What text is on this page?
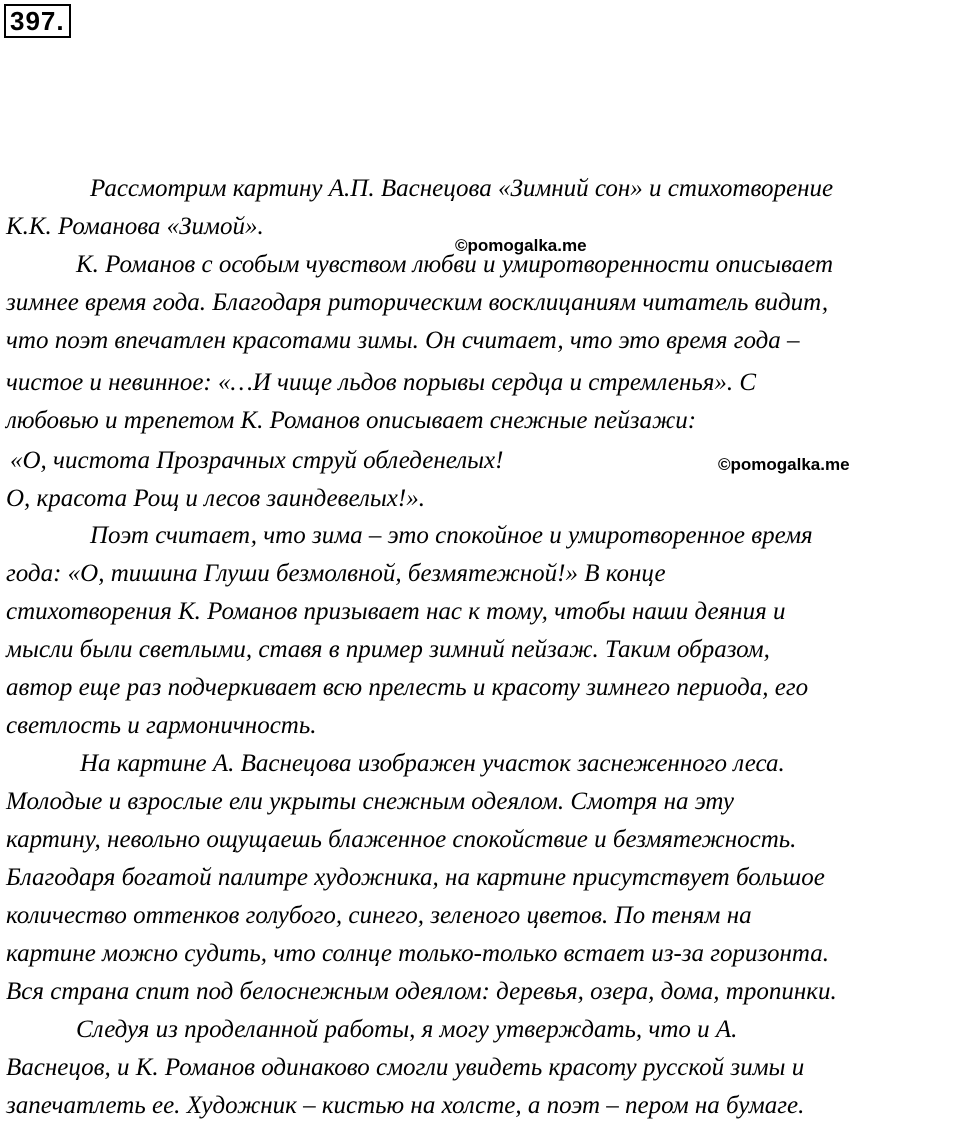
397.
Рассмотрим картину А.П. Васнецова «Зимний сон» и стихотворение
К.К. Романова «Зимой».
©pomogalka.me
К. Романов с особым чувством любви и умиротворенности описывает
зимнее время года. Благодаря риторическим восклицаниям читатель видит,
что поэт впечатлен красотами зимы. Он считает, что это время года –
чистое и невинное: «…И чище льдов порывы сердца и стремленья». С
любовью и трепетом К. Романов описывает снежные пейзажи:
«О, чистота Прозрачных струй обледенелых!	©pomogalka.me
О, красота Рощ и лесов заиндевелых!».
Поэт считает, что зима – это спокойное и умиротворенное время
года: «О, тишина Глуши безмолвной, безмятежной!» В конце
стихотворения К. Романов призывает нас к тому, чтобы наши деяния и
мысли были светлыми, ставя в пример зимний пейзаж. Таким образом,
автор еще раз подчеркивает всю прелесть и красоту зимнего периода, его
светлость и гармоничность.
На картине А. Васнецова изображен участок заснеженного леса.
Молодые и взрослые ели укрыты снежным одеялом. Смотря на эту
картину, невольно ощущаешь блаженное спокойствие и безмятежность.
Благодаря богатой палитре художника, на картине присутствует большое
количество оттенков голубого, синего, зеленого цветов. По теням на
картине можно судить, что солнце только-только встает из-за горизонта.
Вся страна спит под белоснежным одеялом: деревья, озера, дома, тропинки.
Следуя из проделанной работы, я могу утверждать, что и А.
Васнецов, и К. Романов одинаково смогли увидеть красоту русской зимы и
запечатлеть ее. Художник – кистью на холсте, а поэт – пером на бумаге.
